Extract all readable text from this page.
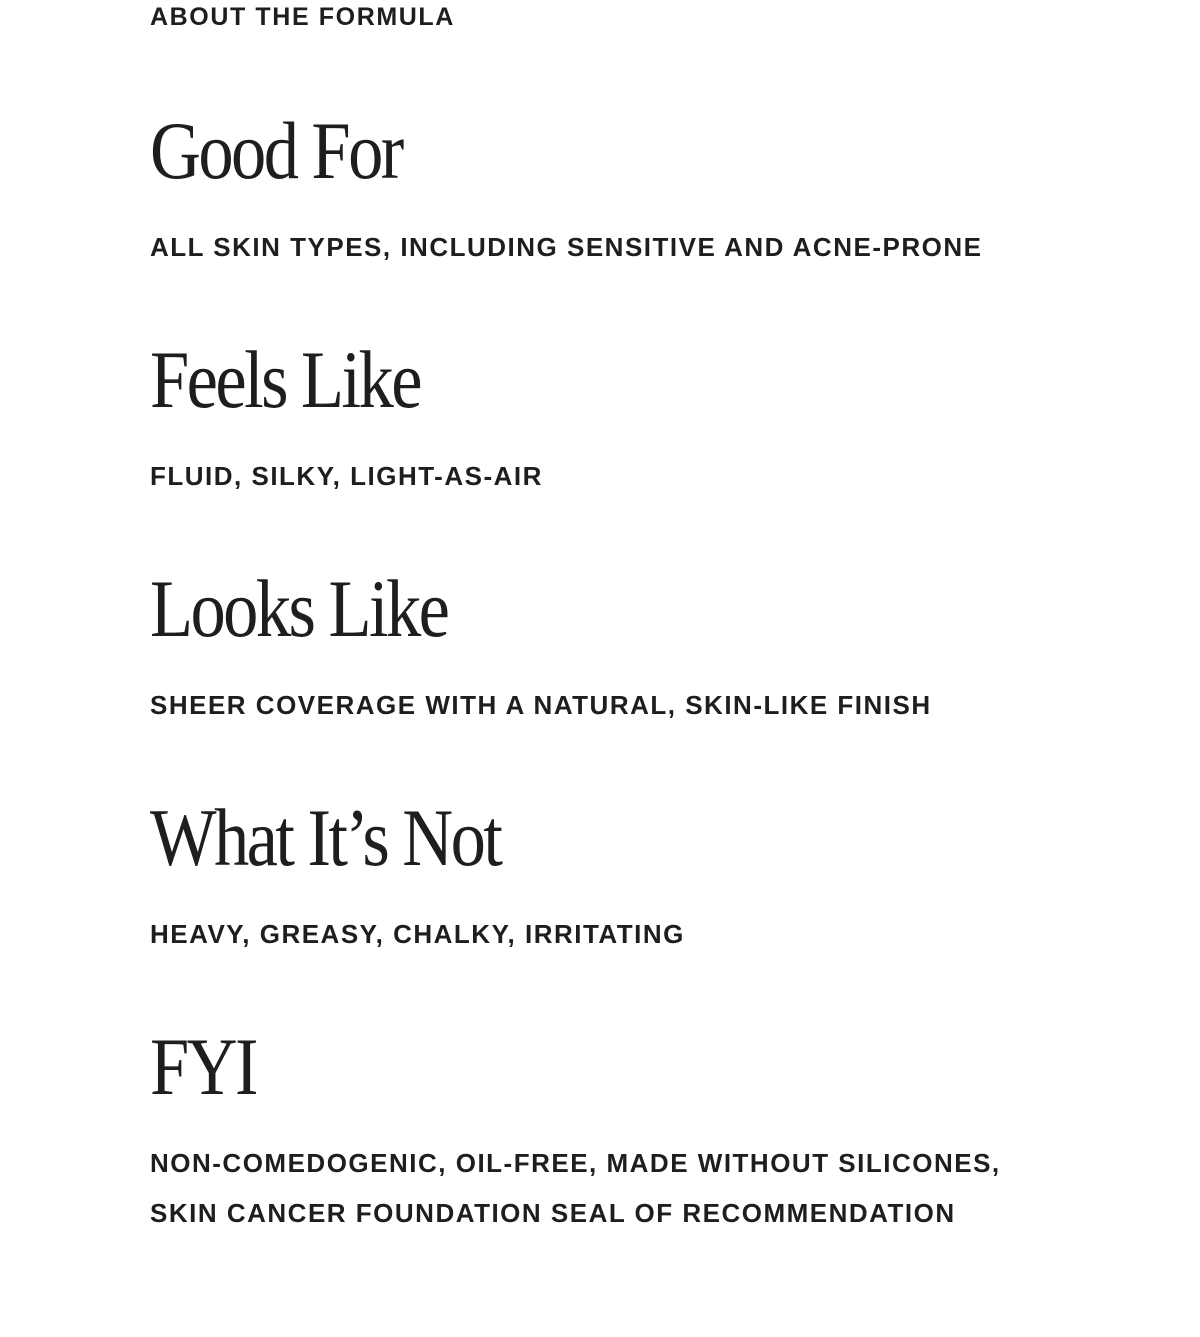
ABOUT THE FORMULA

Good For

ALL SKIN TYPES, INCLUDING SENSITIVE AND ACNE-PRONE

Feels Like

FLUID, SILKY, LIGHT-AS-AIR

Looks Like

SHEER COVERAGE WITH A NATURAL, SKIN-LIKE FINISH

What It’s Not

HEAVY, GREASY, CHALKY, IRRITATING

FYI

NON-COMEDOGENIC, OIL-FREE, MADE WITHOUT SILICONES,
SKIN CANCER FOUNDATION SEAL OF RECOMMENDATION
